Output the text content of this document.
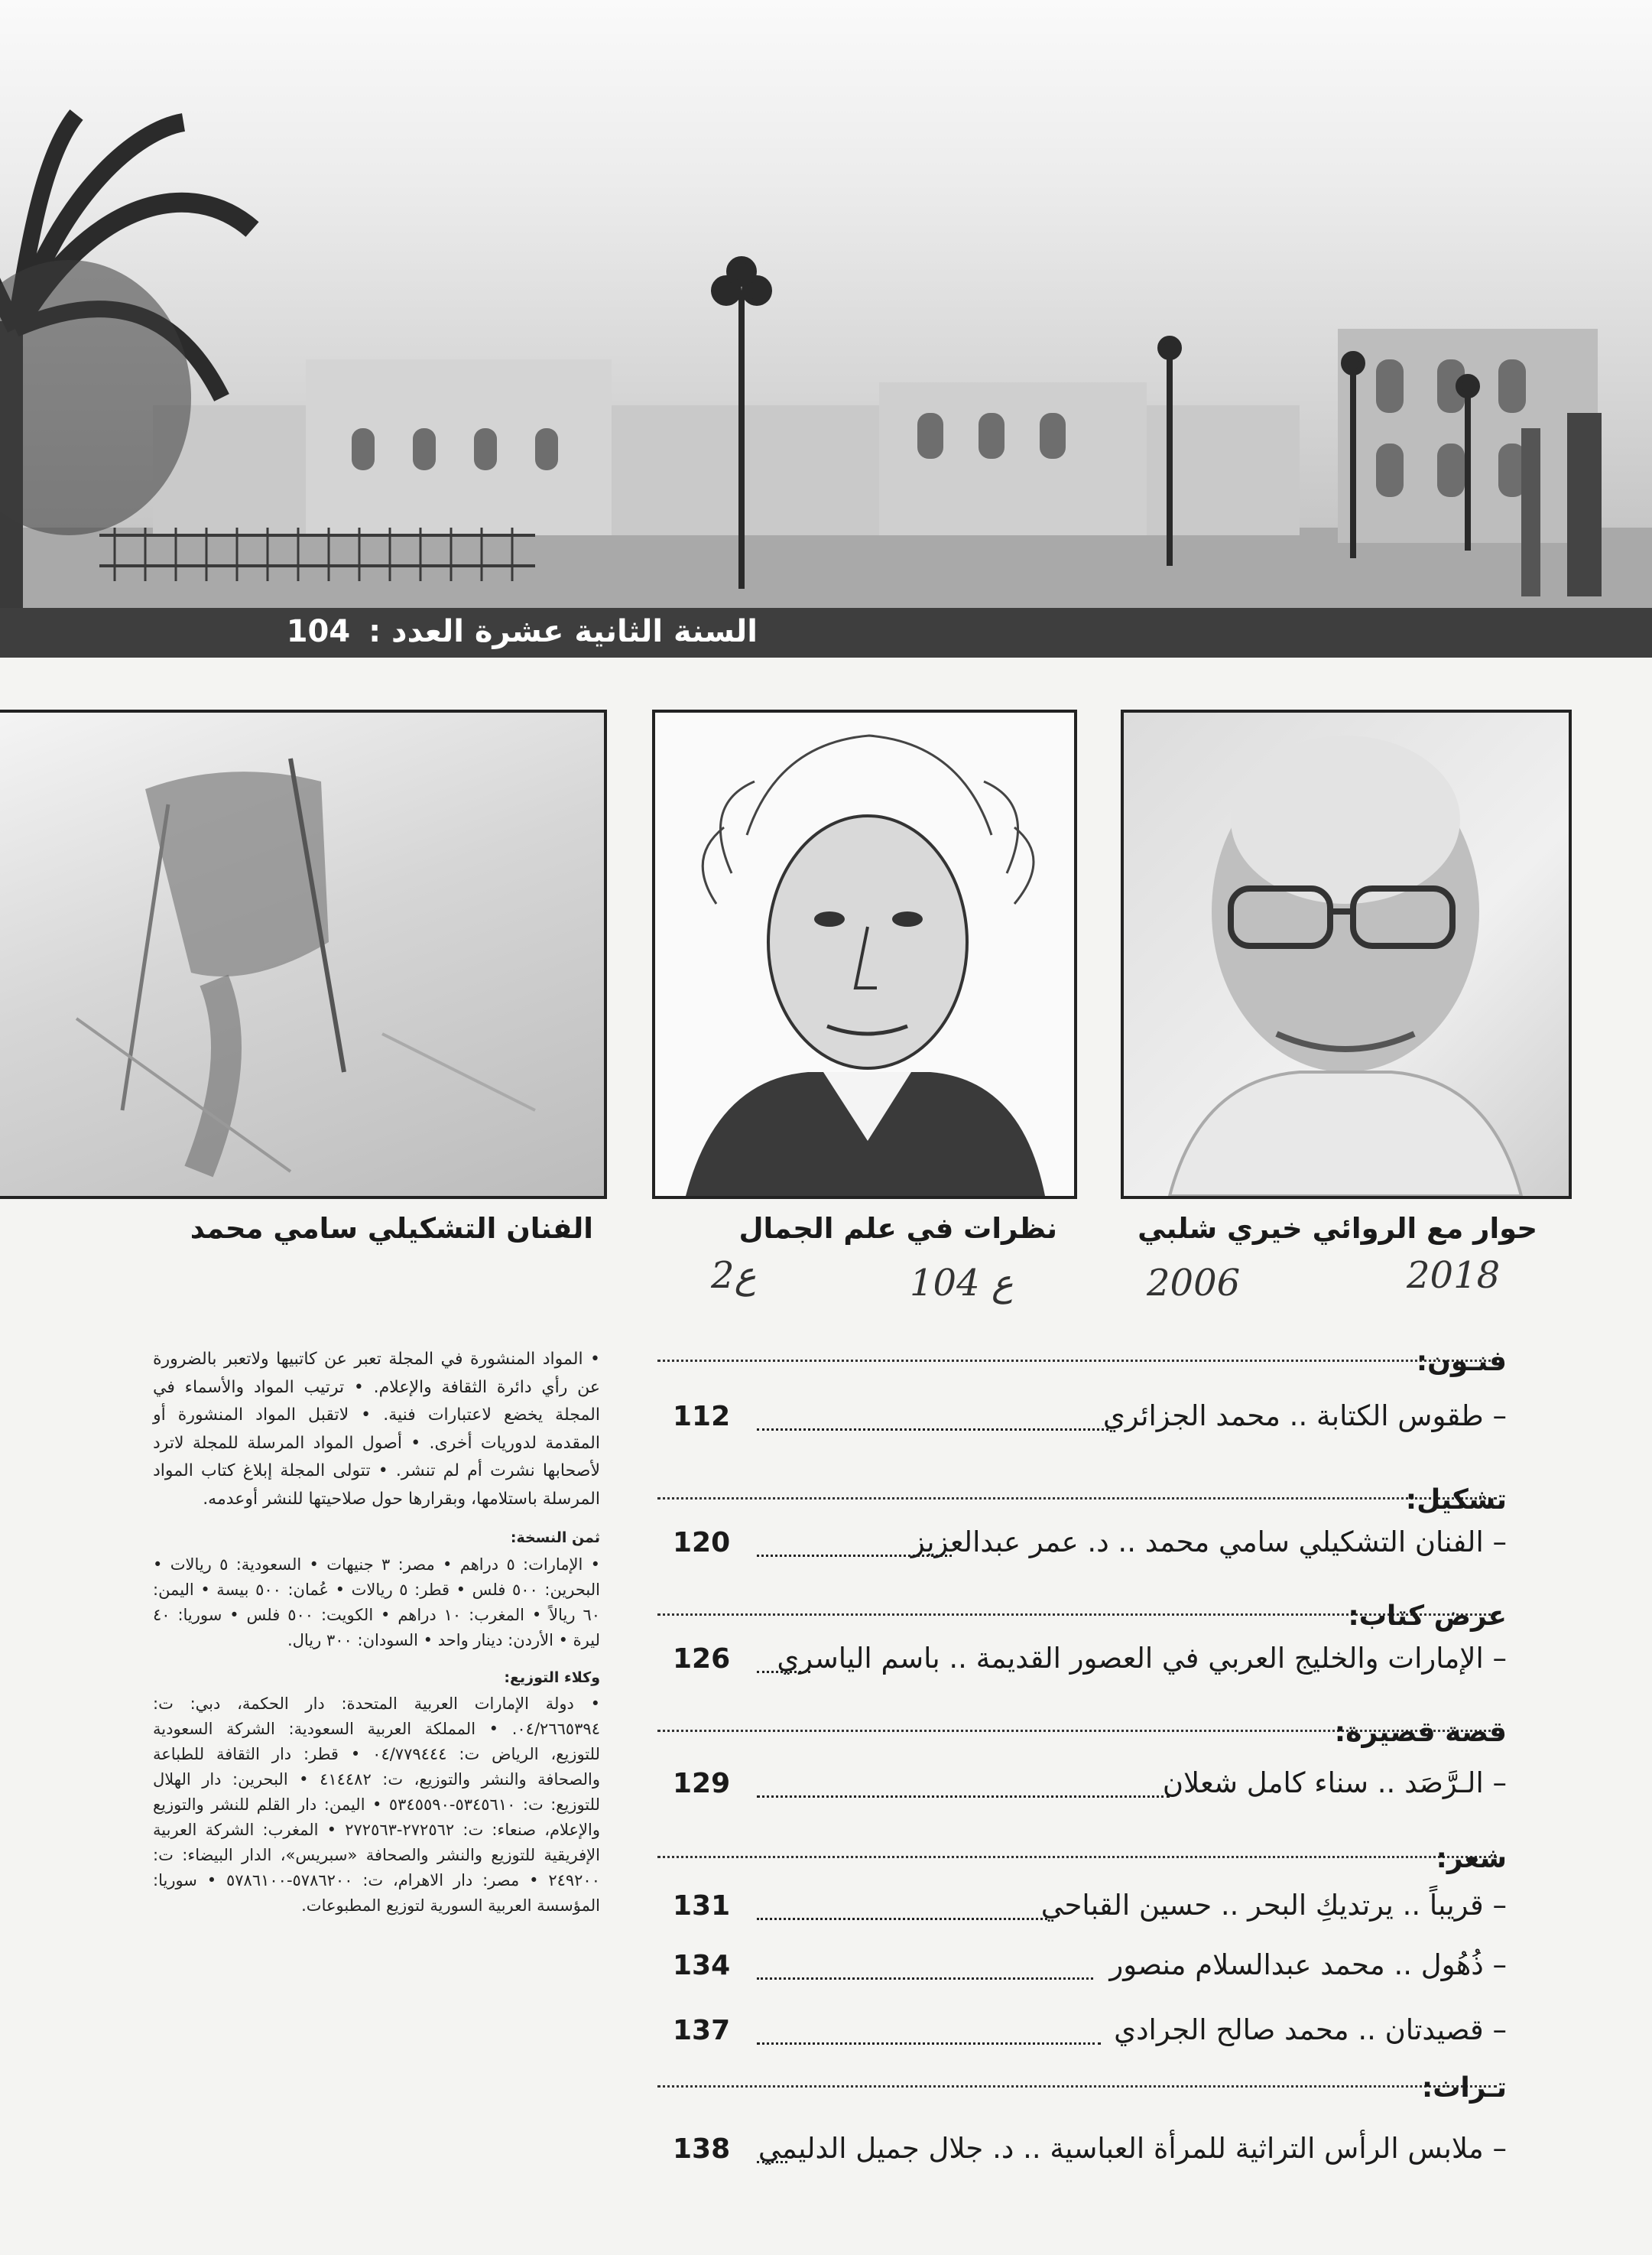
السنة الثانية عشرة العدد : 104
حوار مع الروائي خيري شلبي
نظرات في علم الجمال
الفنان التشكيلي سامي محمد
2018
2006
ع 104
ع2
فنـون:
– طقوس الكتابة .. محمد الجزائري
112
تشكيل:
– الفنان التشكيلي سامي محمد .. د. عمر عبدالعزيز
120
عرض كتاب:
– الإمارات والخليج العربي في العصور القديمة .. باسم الياسري
126
قصة قصيرة:
– الـرَّصَد .. سناء كامل شعلان
129
شعر:
– قريباً .. يرتديكِ البحر .. حسين القباحي
131
– ذُهُول .. محمد عبدالسلام منصور
134
– قصيدتان .. محمد صالح الجرادي
137
تـراث:
– ملابس الرأس التراثية للمرأة العباسية .. د. جلال جميل الدليمي
138

• المواد المنشورة في المجلة تعبر عن كاتبيها ولاتعبر بالضرورة عن رأي دائرة الثقافة والإعلام. • ترتيب المواد والأسماء في المجلة يخضع لاعتبارات فنية. • لاتقبل المواد المنشورة أو المقدمة لدوريات أخرى. • أصول المواد المرسلة للمجلة لاترد لأصحابها نشرت أم لم تنشر. • تتولى المجلة إبلاغ كتاب المواد المرسلة باستلامها، وبقرارها حول صلاحيتها للنشر أوعدمه.

ثمن النسخة:

• الإمارات: ٥ دراهم • مصر: ٣ جنيهات • السعودية: ٥ ريالات • البحرين: ٥٠٠ فلس • قطر: ٥ ريالات • عُمان: ٥٠٠ بيسة • اليمن: ٦٠ ريالاً • المغرب: ١٠ دراهم • الكويت: ٥٠٠ فلس • سوريا: ٤٠ ليرة • الأردن: دينار واحد • السودان: ٣٠٠ ريال.

وكلاء التوزيع:

• دولة الإمارات العربية المتحدة: دار الحكمة، دبي: ت: ٠٤/٢٦٦٥٣٩٤. • المملكة العربية السعودية: الشركة السعودية للتوزيع، الرياض ت: ٠٤/٧٧٩٤٤٤ • قطر: دار الثقافة للطباعة والصحافة والنشر والتوزيع، ت: ٤١٤٤٨٢ • البحرين: دار الهلال للتوزيع: ت: ٥٣٤٥٦١٠-٥٣٤٥٥٩٠ • اليمن: دار القلم للنشر والتوزيع والإعلام، صنعاء: ت: ٢٧٢٥٦٢-٢٧٢٥٦٣ • المغرب: الشركة العربية الإفريقية للتوزيع والنشر والصحافة «سبريس»، الدار البيضاء: ت: ٢٤٩٢٠٠ • مصر: دار الاهرام، ت: ٥٧٨٦٢٠٠-٥٧٨٦١٠٠ • سوريا: المؤسسة العربية السورية لتوزيع المطبوعات.
